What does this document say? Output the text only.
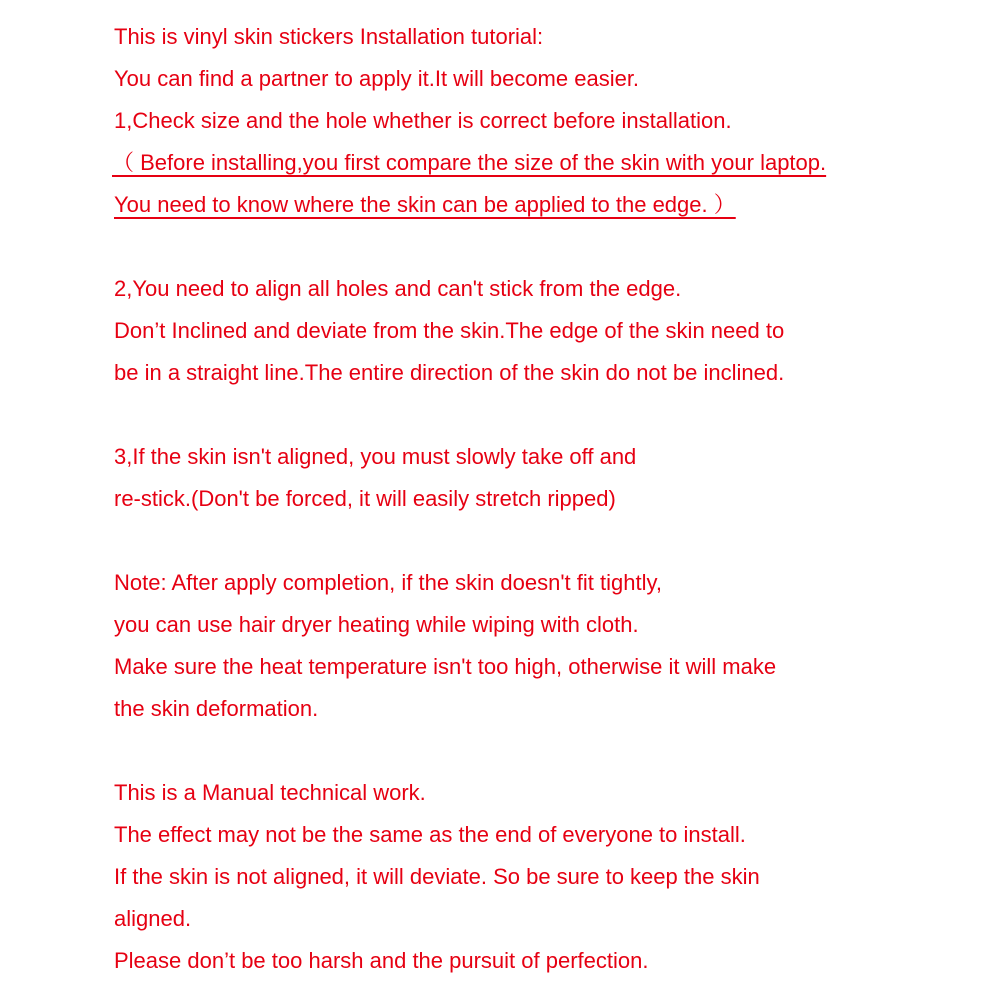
This is vinyl skin stickers Installation tutorial:
You can find a partner to apply it.It will become easier.
1,Check size and the hole whether is correct before installation.
（ Before installing,you first compare the size of the skin with your laptop.
You need to know where the skin can be applied to the edge. ）
2,You need to align all holes and can't stick from the edge.
Don’t Inclined and deviate from the skin.The edge of the skin need to
be in a straight line.The entire direction of the skin do not be inclined.
3,If the skin isn't aligned, you must slowly take off and
re-stick.(Don't be forced, it will easily stretch ripped)
Note: After apply completion, if the skin doesn't fit tightly,
you can use hair dryer heating while wiping with cloth.
Make sure the heat temperature isn't too high, otherwise it will make
the skin deformation.
This is a Manual technical work.
The effect may not be the same as the end of everyone to install.
If the skin is not aligned, it will deviate. So be sure to keep the skin
aligned.
Please don’t be too harsh and the pursuit of perfection.
